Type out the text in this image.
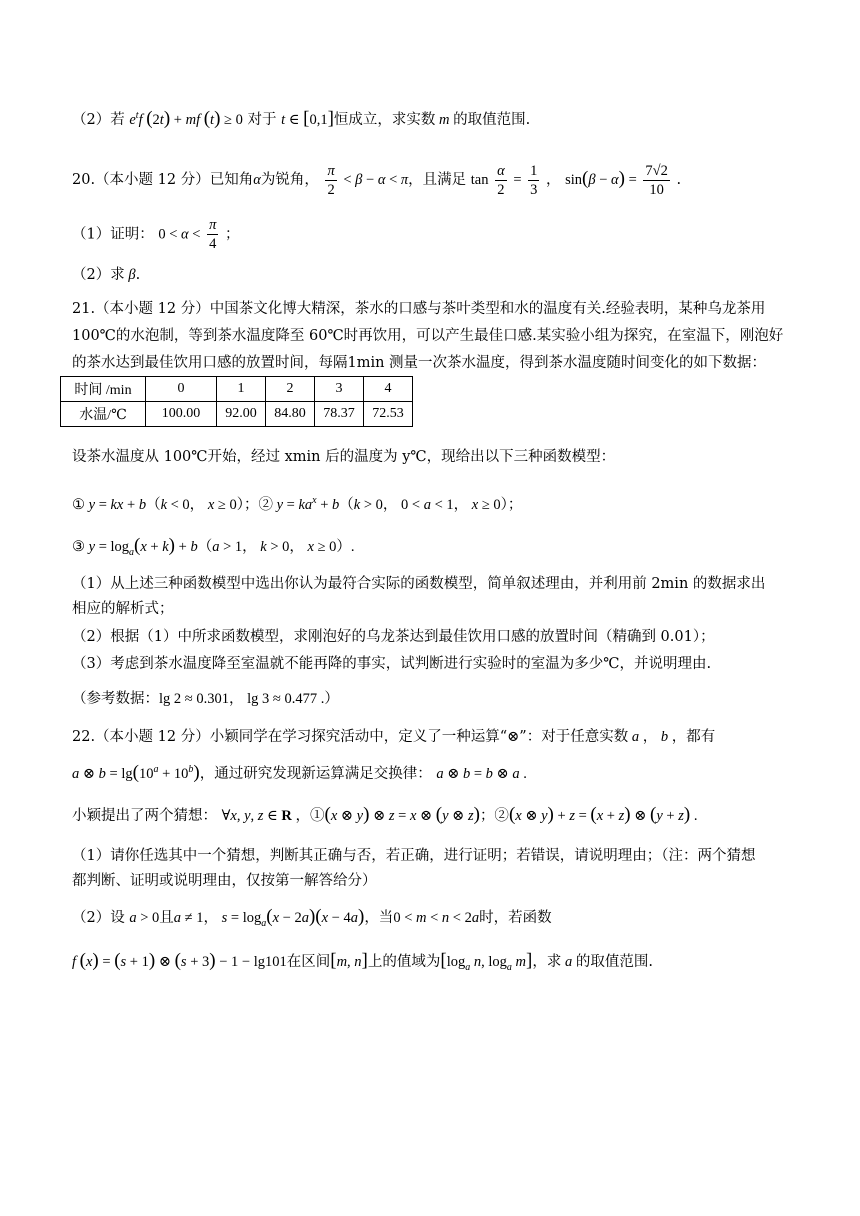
（2）若 $e^tf$ (2t) + mf (t) ≥ 0 对于 t ∈ [0,1]恒成立，求实数 m 的取值范围.
20.（本小题 12 分）已知角α为锐角， $\frac{\pi}{2} < \beta - \alpha < \pi$，且满足 $\tan \frac{\alpha}{2} = \frac{1}{3}$ ， $\sin(\beta - \alpha) = \frac{7√2}{10}$ .
（1）证明： $0 < \alpha < \frac{\pi}{4}$ ；
（2）求 β.
21.（本小题 12 分）中国茶文化博大精深，茶水的口感与茶叶类型和水的温度有关.经验表明，某种乌龙茶用
100℃的水泡制，等到茶水温度降至 60℃时再饮用，可以产生最佳口感.某实验小组为探究，在室温下，刚泡好
的茶水达到最佳饮用口感的放置时间，每隔1min 测量一次茶水温度，得到茶水温度随时间变化的如下数据：
时间 /min	0	1	2	3	4
水温/℃	100.00	92.00	84.80	78.37	72.53
设茶水温度从 100℃开始，经过 xmin 后的温度为 y℃，现给出以下三种函数模型：
① y = kx + b（k < 0， x ≥ 0）；② $y = ka^x + b(k > 0$， 0 < a < 1， x ≥ 0）；
③ $y = \log_a(x + k) + b(a > 1$， k > 0， x ≥ 0）.
（1）从上述三种函数模型中选出你认为最符合实际的函数模型，简单叙述理由，并利用前 2min 的数据求出
相应的解析式；
（2）根据（1）中所求函数模型，求刚泡好的乌龙茶达到最佳饮用口感的放置时间（精确到 0.01）；
（3）考虑到茶水温度降至室温就不能再降的事实，试判断进行实验时的室温为多少℃，并说明理由.
（参考数据：lg 2 ≈ 0.301， lg 3 ≈ 0.477 .）
22.（本小题 12 分）小颖同学在学习探究活动中，定义了一种运算“⊗”：对于任意实数 a ， b ，都有
a ⊗ $b = \lg(10^a + 10^b)$，通过研究发现新运算满足交换律： a ⊗ b = b ⊗ a .
小颖提出了两个猜想： ∀x, y, z ∈ R ，①(x ⊗ y) ⊗ z = x ⊗ (y ⊗ z)；②(x ⊗ y) + z = (x + z) ⊗ (y + z) .
（1）请你任选其中一个猜想，判断其正确与否，若正确，进行证明；若错误，请说明理由；（注：两个猜想
都判断、证明或说明理由，仅按第一解答给分）
（2）设 a > 0且a ≠ 1， $s = \log_a(x - 2a)(x - 4a)$，当0 < m < n < 2a时，若函数
f (x) = (s + 1) ⊗ (s + 3) − 1 − lg101在区间[m, n]上的值域为[$\log_a$ n, $\log_a m$]，求 a 的取值范围.
